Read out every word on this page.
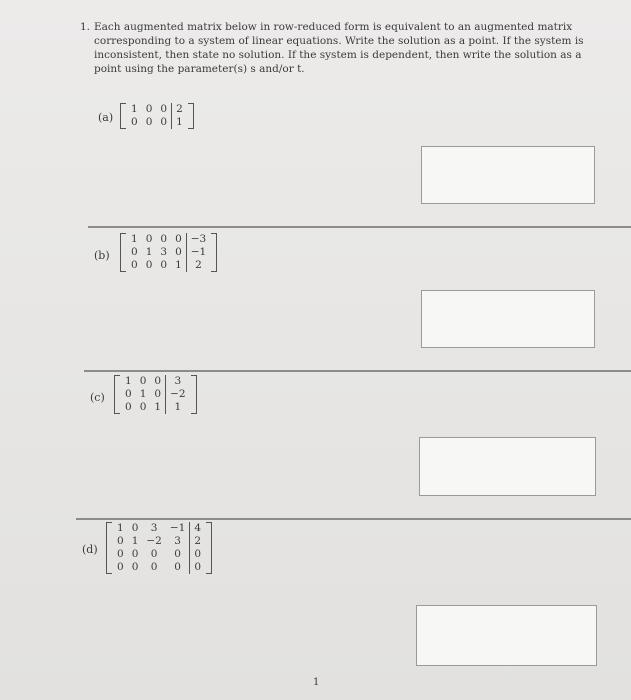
1. Each augmented matrix below in row-reduced form is equivalent to an augmented matrix corresponding to a system of linear equations. Write the solution as a point. If the system is inconsistent, then state no solution. If the system is dependent, then write the solution as a point using the parameter(s) s and/or t.
(a)
1	0	0	2
0	0	0	1
(b)
1	0	0	0	−3
0	1	3	0	−1
0	0	0	1	2
(c)
1	0	0	3
0	1	0	−2
0	0	1	1
(d)
1	0	3	−1	4
0	1	−2	3	2
0	0	0	0	0
0	0	0	0	0
1
